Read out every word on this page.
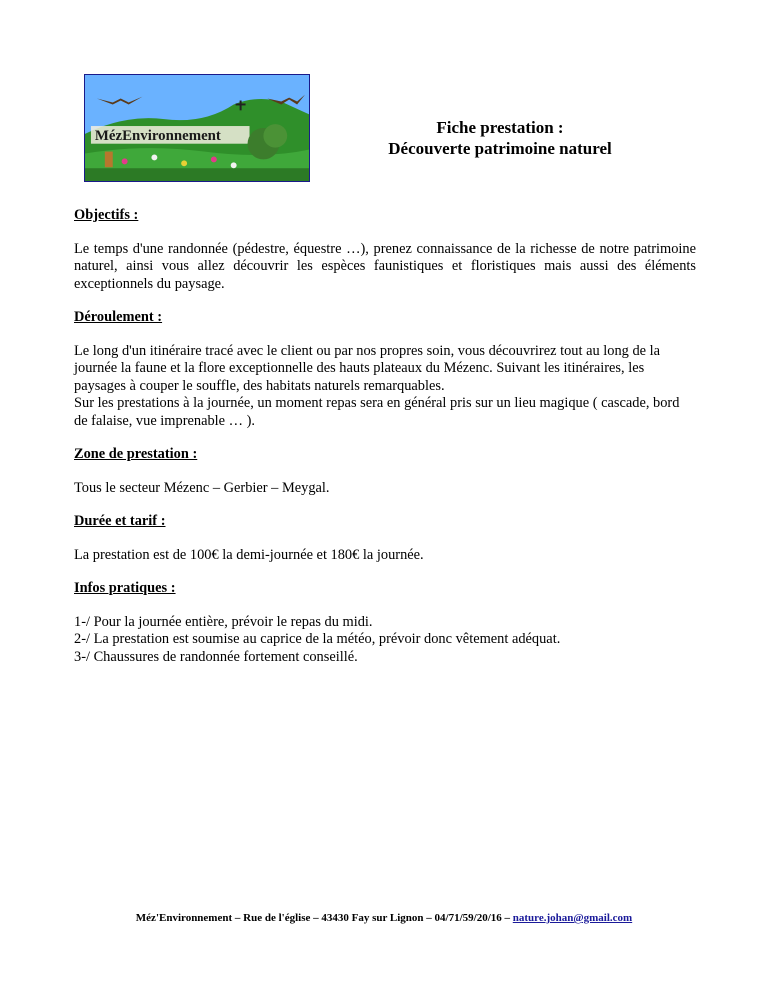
MézEnvironnement	Fiche prestation :
Découverte patrimoine naturel
Objectifs :

Le temps d'une randonnée (pédestre, équestre …), prenez connaissance de la richesse de notre patrimoine naturel, ainsi vous allez découvrir les espèces faunistiques et floristiques mais aussi des éléments exceptionnels du paysage.

Déroulement :

Le long d'un itinéraire tracé avec le client ou par nos propres soin, vous découvrirez tout au long de la journée la faune et la flore exceptionnelle des hauts plateaux du Mézenc. Suivant les itinéraires, les paysages à couper le souffle, des habitats naturels remarquables.
Sur les prestations à la journée, un moment repas sera en général pris sur un lieu magique ( cascade, bord de falaise, vue imprenable … ).

Zone de prestation :

Tous le secteur Mézenc – Gerbier – Meygal.

Durée et tarif :

La prestation est de 100€ la demi-journée et 180€ la journée.

Infos pratiques :

1-/ Pour la journée entière, prévoir le repas du midi.
2-/ La prestation est soumise au caprice de la météo, prévoir donc vêtement adéquat.
3-/ Chaussures de randonnée fortement conseillé.

Méz'Environnement – Rue de l'église – 43430 Fay sur Lignon – 04/71/59/20/16 – nature.johan@gmail.com
